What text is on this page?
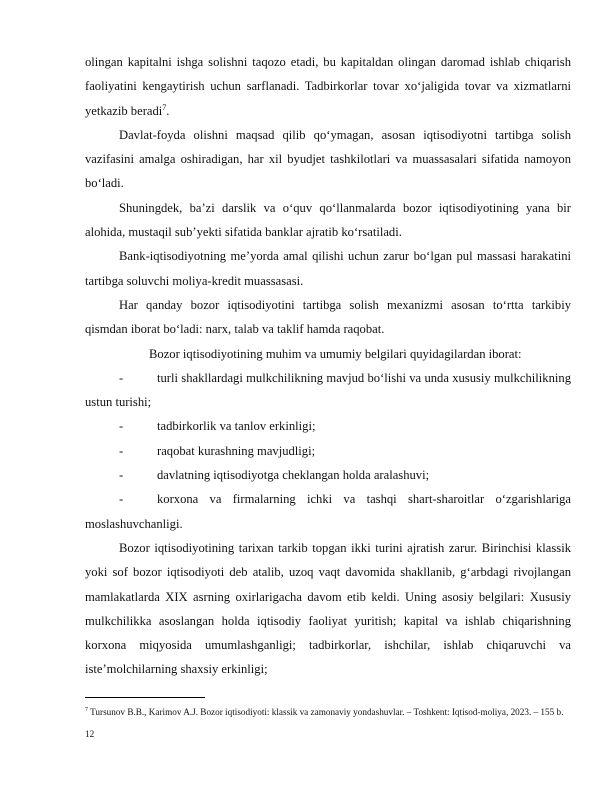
olingan kapitalni ishga solishni taqozo etadi, bu kapitaldan olingan daromad ishlab chiqarish faoliyatini kengaytirish uchun sarflanadi. Tadbirkorlar tovar xo‘jaligida tovar va xizmatlarni yetkazib beradi$^7$.

Davlat-foyda olishni maqsad qilib qo‘ymagan, asosan iqtisodiyotni tartibga solish vazifasini amalga oshiradigan, har xil byudjet tashkilotlari va muassasalari sifatida namoyon bo‘ladi.

Shuningdek, ba’zi darslik va o‘quv qo‘llanmalarda bozor iqtisodiyotining yana bir alohida, mustaqil sub’yekti sifatida banklar ajratib ko‘rsatiladi.

Bank-iqtisodiyotning me’yorda amal qilishi uchun zarur bo‘lgan pul massasi harakatini tartibga soluvchi moliya-kredit muassasasi.

Har qanday bozor iqtisodiyotini tartibga solish mexanizmi asosan to‘rtta tarkibiy qismdan iborat bo‘ladi: narx, talab va taklif hamda raqobat.

Bozor iqtisodiyotining muhim va umumiy belgilari quyidagilardan iborat:

-	turli shakllardagi mulkchilikning mavjud bo‘lishi va unda xususiy mulkchilikning ustun turishi;
-	tadbirkorlik va tanlov erkinligi;
-	raqobat kurashning mavjudligi;
-	davlatning iqtisodiyotga cheklangan holda aralashuvi;
-	korxona va firmalarning ichki va tashqi shart-sharoitlar o‘zgarishlariga moslashuvchanligi.

Bozor iqtisodiyotining tarixan tarkib topgan ikki turini ajratish zarur. Birinchisi klassik yoki sof bozor iqtisodiyoti deb atalib, uzoq vaqt davomida shakllanib, g‘arbdagi rivojlangan mamlakatlarda XIX asrning oxirlarigacha davom etib keldi. Uning asosiy belgilari: Xususiy mulkchilikka asoslangan holda iqtisodiy faoliyat yuritish; kapital va ishlab chiqarishning korxona miqyosida umumlashganligi; tadbirkorlar, ishchilar, ishlab chiqaruvchi va iste’molchilarning shaxsiy erkinligi;

$^7$ Tursunov B.B., Karimov A.J. Bozor iqtisodiyoti: klassik va zamonaviy yondashuvlar. – Toshkent: Iqtisod-moliya, 2023. – 155 b.
12
